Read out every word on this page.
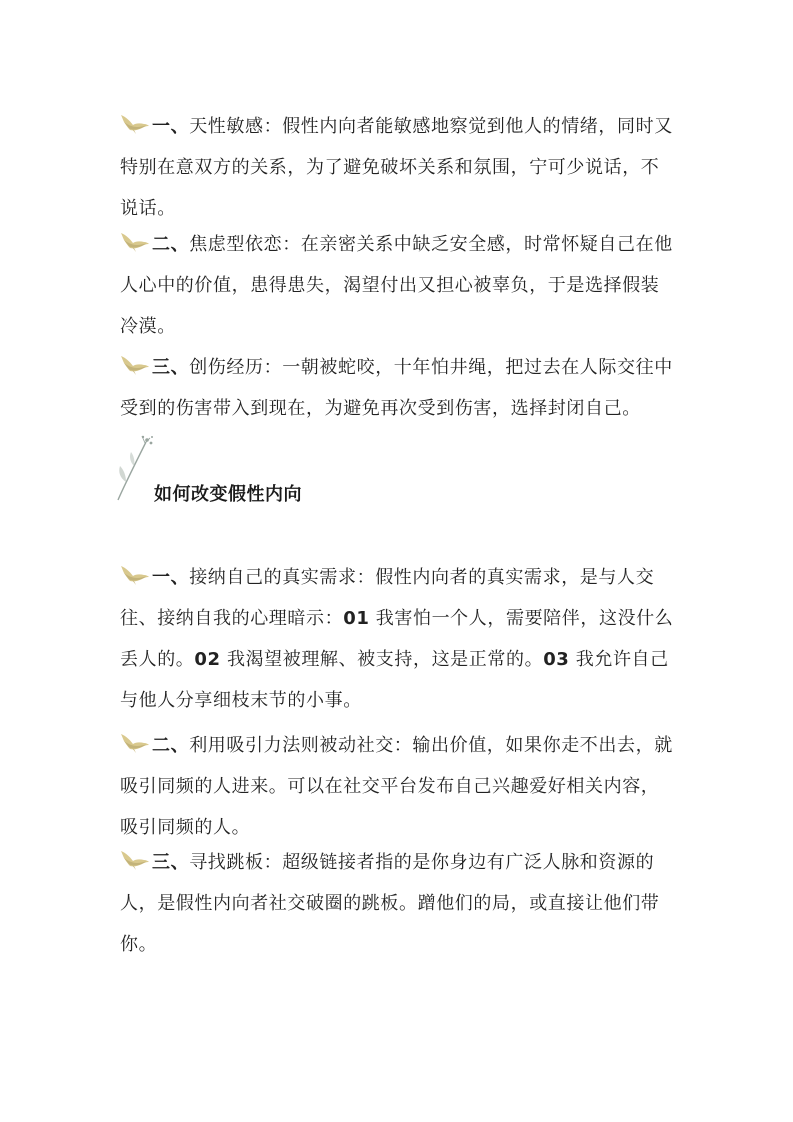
一、天性敏感：假性内向者能敏感地察觉到他人的情绪，同时又特别在意双方的关系，为了避免破坏关系和氛围，宁可少说话，不说话。

二、焦虑型依恋：在亲密关系中缺乏安全感，时常怀疑自己在他人心中的价值，患得患失，渴望付出又担心被辜负，于是选择假装冷漠。

三、创伤经历：一朝被蛇咬，十年怕井绳，把过去在人际交往中受到的伤害带入到现在，为避免再次受到伤害，选择封闭自己。

如何改变假性内向

一、接纳自己的真实需求：假性内向者的真实需求，是与人交往、接纳自我的心理暗示：01 我害怕一个人，需要陪伴，这没什么丢人的。02 我渴望被理解、被支持，这是正常的。03 我允许自己与他人分享细枝末节的小事。

二、利用吸引力法则被动社交：输出价值，如果你走不出去，就吸引同频的人进来。可以在社交平台发布自己兴趣爱好相关内容，吸引同频的人。

三、寻找跳板：超级链接者指的是你身边有广泛人脉和资源的人，是假性内向者社交破圈的跳板。蹭他们的局，或直接让他们带你。
